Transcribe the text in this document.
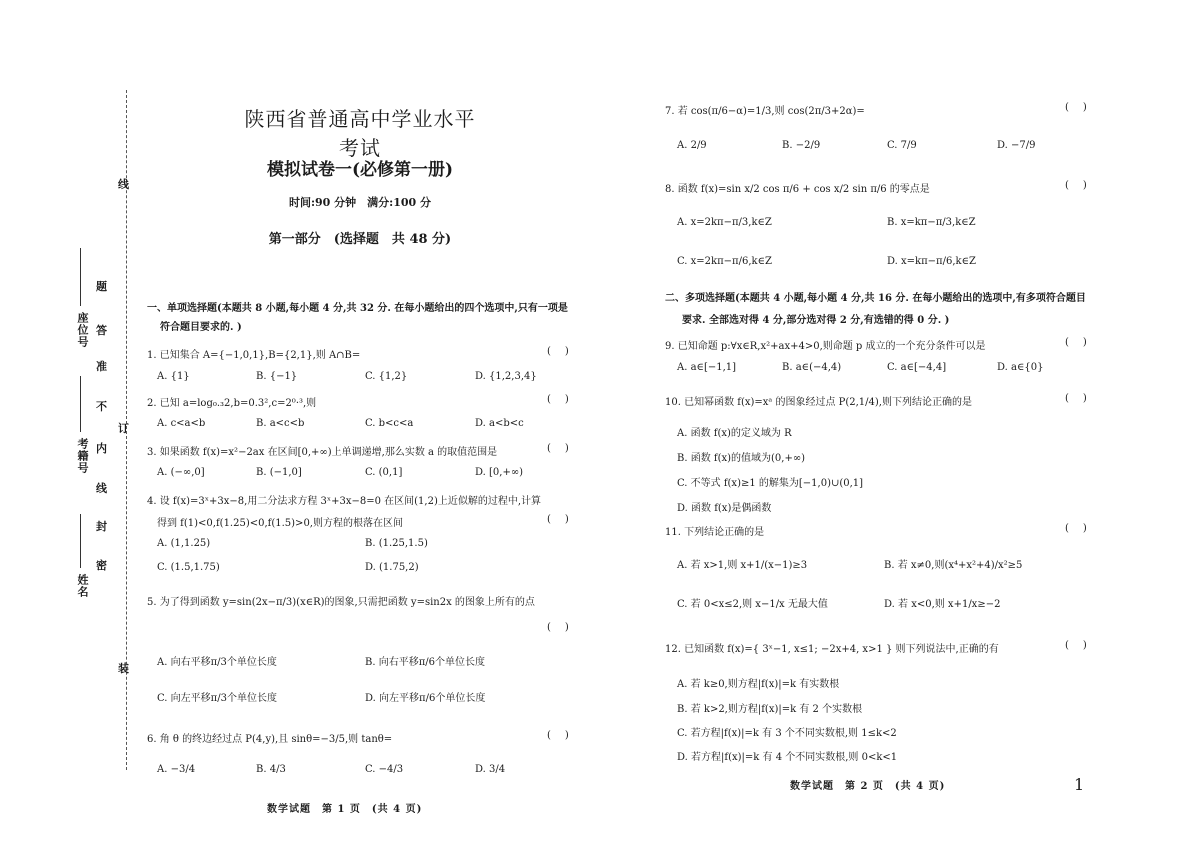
线
订
装
题
答
准
不
内
线
封
密
座位号
考籍号
姓名
陕西省普通高中学业水平考试
模拟试卷一(必修第一册)
时间:90 分钟　满分:100 分
第一部分　(选择题　共 48 分)
一、单项选择题(本题共 8 小题,每小题 4 分,共 32 分. 在每小题给出的四个选项中,只有一项是
符合题目要求的. )
1. 已知集合 A={−1,0,1},B={2,1},则 A∩B=	()
A. {1}	B. {−1}	C. {1,2}	D. {1,2,3,4}
2. 已知 a=log₀.₃2,b=0.3²,c=2⁰·³,则	()
A. c<a<b	B. a<c<b	C. b<c<a	D. a<b<c
3. 如果函数 f(x)=x²−2ax 在区间[0,+∞)上单调递增,那么实数 a 的取值范围是	()
A. (−∞,0]	B. (−1,0]	C. (0,1]	D. [0,+∞)
4. 设 f(x)=3ˣ+3x−8,用二分法求方程 3ˣ+3x−8=0 在区间(1,2)上近似解的过程中,计算
得到 f(1)<0,f(1.25)<0,f(1.5)>0,则方程的根落在区间	()
A. (1,1.25)	B. (1.25,1.5)
C. (1.5,1.75)	D. (1.75,2)
5. 为了得到函数 y=sin(2x−π/3)(x∈R)的图象,只需把函数 y=sin2x 的图象上所有的点
()
A. 向右平移π/3个单位长度	B. 向右平移π/6个单位长度
C. 向左平移π/3个单位长度	D. 向左平移π/6个单位长度
6. 角 θ 的终边经过点 P(4,y),且 sinθ=−3/5,则 tanθ=	()
A. −3/4	B. 4/3	C. −4/3	D. 3/4
数学试题　第 1 页　(共 4 页)
7. 若 cos(π/6−α)=1/3,则 cos(2π/3+2α)=	()
A. 2/9	B. −2/9	C. 7/9	D. −7/9
8. 函数 f(x)=sin x/2 cos π/6 + cos x/2 sin π/6 的零点是	()
A. x=2kπ−π/3,k∈Z	B. x=kπ−π/3,k∈Z
C. x=2kπ−π/6,k∈Z	D. x=kπ−π/6,k∈Z
二、多项选择题(本题共 4 小题,每小题 4 分,共 16 分. 在每小题给出的选项中,有多项符合题目
要求. 全部选对得 4 分,部分选对得 2 分,有选错的得 0 分. )
9. 已知命题 p:∀x∈R,x²+ax+4>0,则命题 p 成立的一个充分条件可以是	()
A. a∈[−1,1]	B. a∈(−4,4)	C. a∈[−4,4]	D. a∈{0}
10. 已知幂函数 f(x)=xᵃ 的图象经过点 P(2,1/4),则下列结论正确的是	()
A. 函数 f(x)的定义域为 R
B. 函数 f(x)的值域为(0,+∞)
C. 不等式 f(x)≥1 的解集为[−1,0)∪(0,1]
D. 函数 f(x)是偶函数
11. 下列结论正确的是	()
A. 若 x>1,则 x+1/(x−1)≥3	B. 若 x≠0,则(x⁴+x²+4)/x²≥5
C. 若 0<x≤2,则 x−1/x 无最大值	D. 若 x<0,则 x+1/x≥−2
12. 已知函数 f(x)={ 3ˣ−1, x≤1; −2x+4, x>1 } 则下列说法中,正确的有	()
A. 若 k≥0,则方程|f(x)|=k 有实数根
B. 若 k>2,则方程|f(x)|=k 有 2 个实数根
C. 若方程|f(x)|=k 有 3 个不同实数根,则 1≤k<2
D. 若方程|f(x)|=k 有 4 个不同实数根,则 0<k<1
数学试题　第 2 页　(共 4 页)	1
